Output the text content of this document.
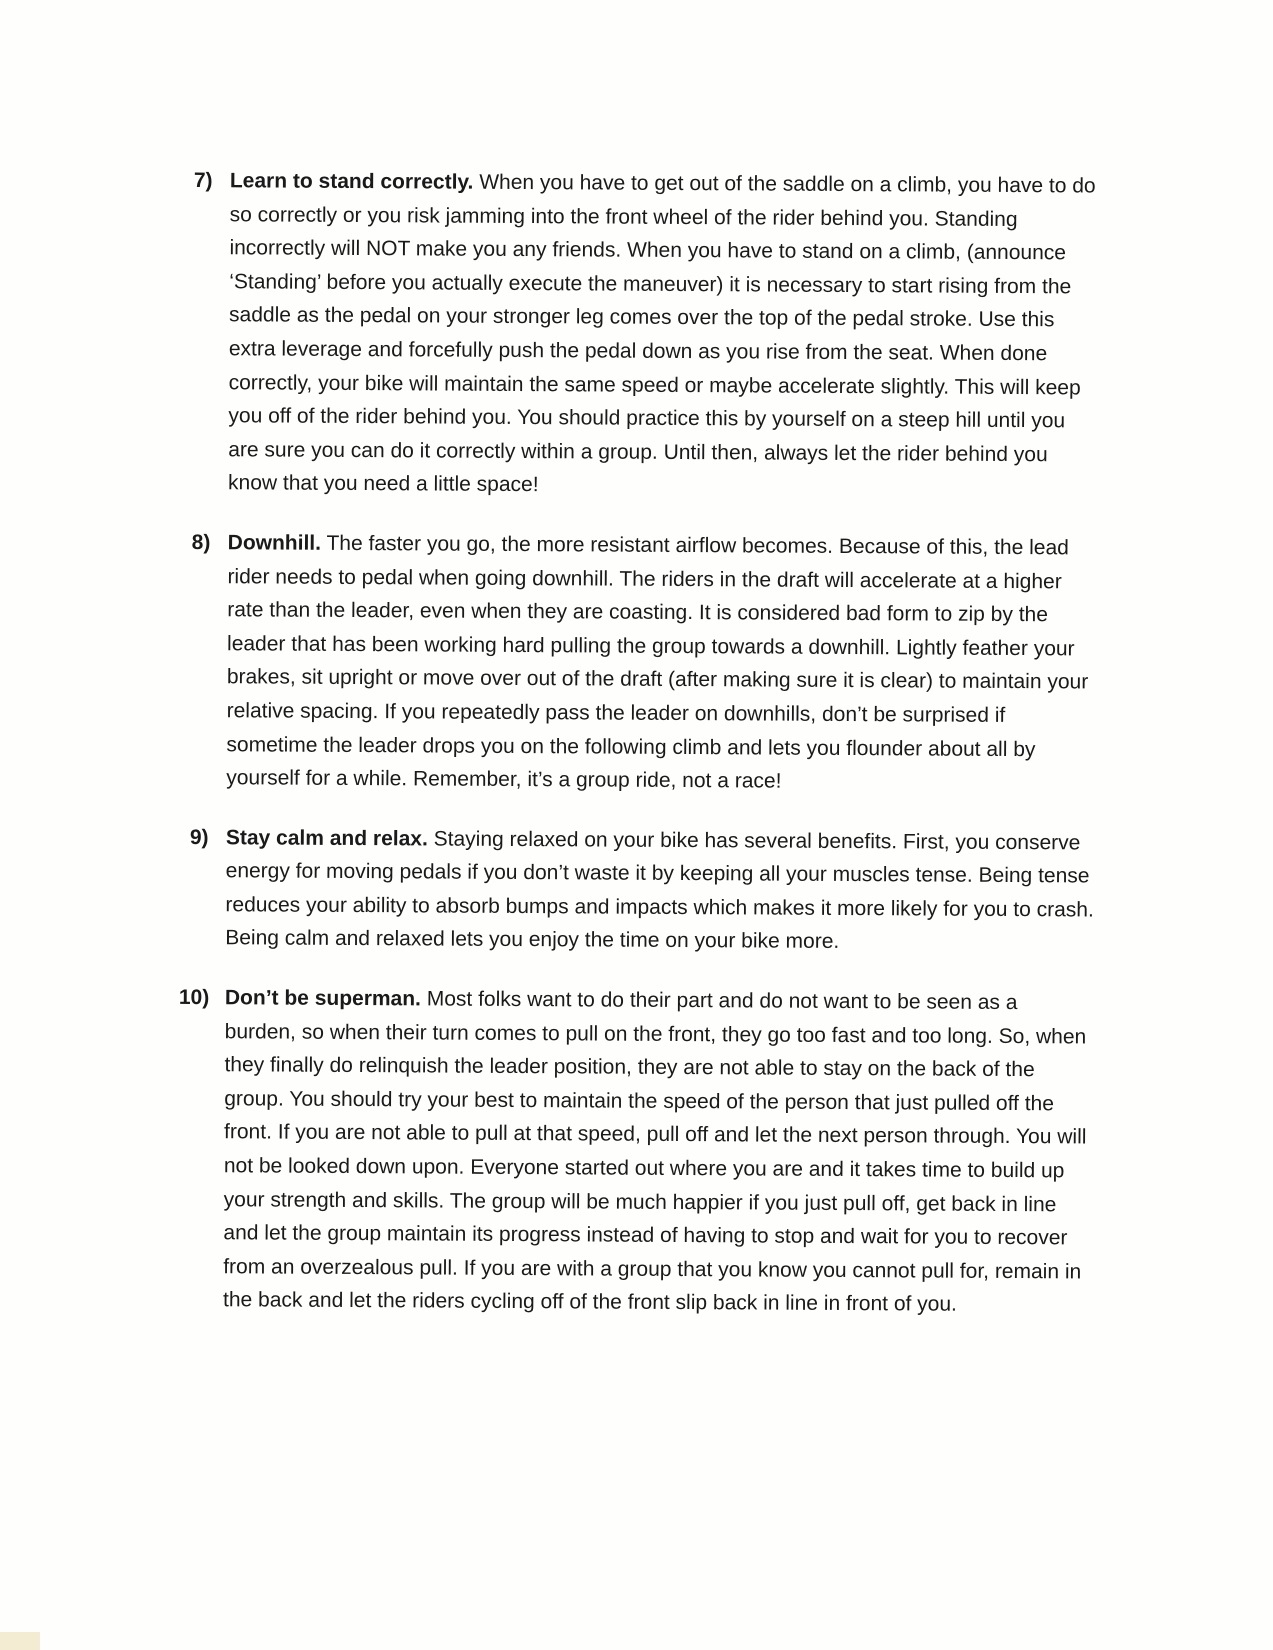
7) Learn to stand correctly. When you have to get out of the saddle on a climb, you have to do so correctly or you risk jamming into the front wheel of the rider behind you. Standing incorrectly will NOT make you any friends. When you have to stand on a climb, (announce ‘Standing’ before you actually execute the maneuver) it is necessary to start rising from the saddle as the pedal on your stronger leg comes over the top of the pedal stroke. Use this extra leverage and forcefully push the pedal down as you rise from the seat. When done correctly, your bike will maintain the same speed or maybe accelerate slightly. This will keep you off of the rider behind you. You should practice this by yourself on a steep hill until you are sure you can do it correctly within a group. Until then, always let the rider behind you know that you need a little space!
8) Downhill. The faster you go, the more resistant airflow becomes. Because of this, the lead rider needs to pedal when going downhill. The riders in the draft will accelerate at a higher rate than the leader, even when they are coasting. It is considered bad form to zip by the leader that has been working hard pulling the group towards a downhill. Lightly feather your brakes, sit upright or move over out of the draft (after making sure it is clear) to maintain your relative spacing. If you repeatedly pass the leader on downhills, don’t be surprised if sometime the leader drops you on the following climb and lets you flounder about all by yourself for a while. Remember, it’s a group ride, not a race!
9) Stay calm and relax. Staying relaxed on your bike has several benefits. First, you conserve energy for moving pedals if you don’t waste it by keeping all your muscles tense. Being tense reduces your ability to absorb bumps and impacts which makes it more likely for you to crash. Being calm and relaxed lets you enjoy the time on your bike more.
10) Don’t be superman. Most folks want to do their part and do not want to be seen as a burden, so when their turn comes to pull on the front, they go too fast and too long. So, when they finally do relinquish the leader position, they are not able to stay on the back of the group. You should try your best to maintain the speed of the person that just pulled off the front. If you are not able to pull at that speed, pull off and let the next person through. You will not be looked down upon. Everyone started out where you are and it takes time to build up your strength and skills. The group will be much happier if you just pull off, get back in line and let the group maintain its progress instead of having to stop and wait for you to recover from an overzealous pull. If you are with a group that you know you cannot pull for, remain in the back and let the riders cycling off of the front slip back in line in front of you.
